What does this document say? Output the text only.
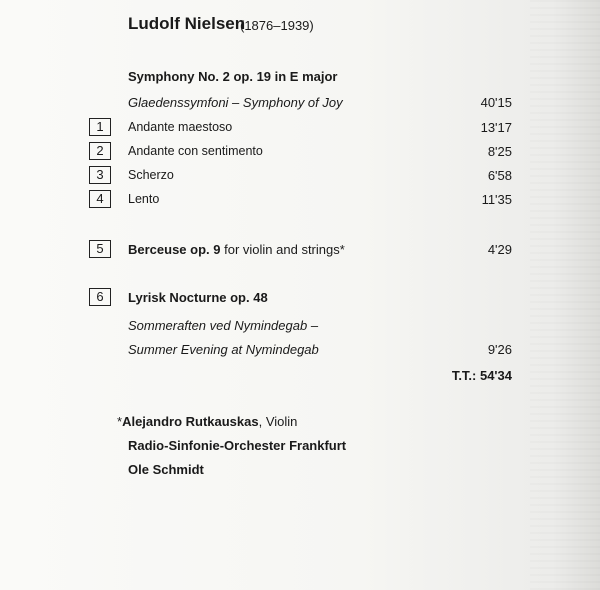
Ludolf Nielsen
(1876–1939)
Symphony No. 2 op. 19 in E major
Glaedenssymfoni – Symphony of Joy	40'15
1	Andante maestoso	13'17
2	Andante con sentimento	8'25
3	Scherzo	6'58
4	Lento	11'35
5	Berceuse op. 9 for violin and strings*	4'29
6	Lyrisk Nocturne op. 48
Sommeraften ved Nymindegab –
Summer Evening at Nymindegab	9'26
T.T.: 54'34
*Alejandro Rutkauskas, Violin
Radio-Sinfonie-Orchester Frankfurt
Ole Schmidt
